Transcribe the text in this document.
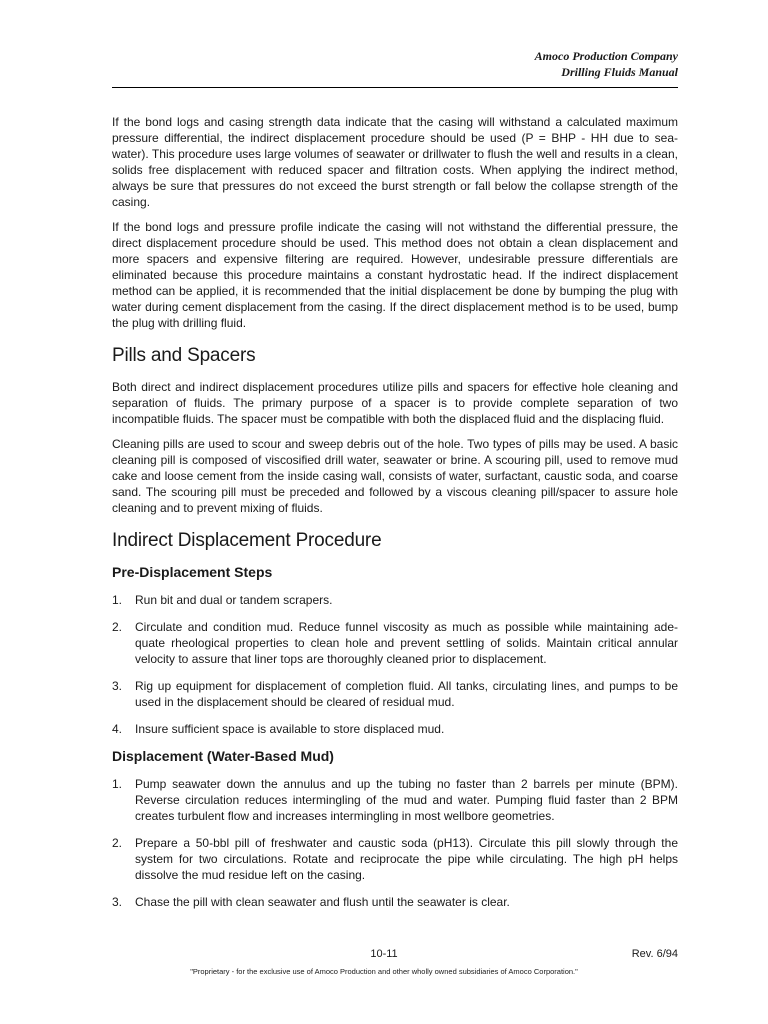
Amoco Production Company
Drilling Fluids Manual

If the bond logs and casing strength data indicate that the casing will withstand a calculated maximum pressure differential, the indirect displacement procedure should be used (P = BHP - HH due to sea-water). This procedure uses large volumes of seawater or drillwater to flush the well and results in a clean, solids free displacement with reduced spacer and filtration costs. When applying the indirect method, always be sure that pressures do not exceed the burst strength or fall below the collapse strength of the casing.

If the bond logs and pressure profile indicate the casing will not withstand the differential pressure, the direct displacement procedure should be used. This method does not obtain a clean displacement and more spacers and expensive filtering are required. However, undesirable pressure differentials are eliminated because this procedure maintains a constant hydrostatic head. If the indirect displacement method can be applied, it is recommended that the initial displacement be done by bumping the plug with water during cement displacement from the casing. If the direct displacement method is to be used, bump the plug with drilling fluid.

Pills and Spacers

Both direct and indirect displacement procedures utilize pills and spacers for effective hole cleaning and separation of fluids. The primary purpose of a spacer is to provide complete separation of two incompatible fluids. The spacer must be compatible with both the displaced fluid and the displacing fluid.

Cleaning pills are used to scour and sweep debris out of the hole. Two types of pills may be used. A basic cleaning pill is composed of viscosified drill water, seawater or brine. A scouring pill, used to remove mud cake and loose cement from the inside casing wall, consists of water, surfactant, caustic soda, and coarse sand. The scouring pill must be preceded and followed by a viscous cleaning pill/spacer to assure hole cleaning and to prevent mixing of fluids.

Indirect Displacement Procedure
Pre-Displacement Steps
1. Run bit and dual or tandem scrapers.
2. Circulate and condition mud. Reduce funnel viscosity as much as possible while maintaining ade-quate rheological properties to clean hole and prevent settling of solids. Maintain critical annular velocity to assure that liner tops are thoroughly cleaned prior to displacement.
3. Rig up equipment for displacement of completion fluid. All tanks, circulating lines, and pumps to be used in the displacement should be cleared of residual mud.
4. Insure sufficient space is available to store displaced mud.
Displacement (Water-Based Mud)
1. Pump seawater down the annulus and up the tubing no faster than 2 barrels per minute (BPM). Reverse circulation reduces intermingling of the mud and water. Pumping fluid faster than 2 BPM creates turbulent flow and increases intermingling in most wellbore geometries.
2. Prepare a 50-bbl pill of freshwater and caustic soda (pH13). Circulate this pill slowly through the system for two circulations. Rotate and reciprocate the pipe while circulating. The high pH helps dissolve the mud residue left on the casing.
3. Chase the pill with clean seawater and flush until the seawater is clear.
10-11	Rev. 6/94
"Proprietary - for the exclusive use of Amoco Production and other wholly owned subsidiaries of Amoco Corporation."
